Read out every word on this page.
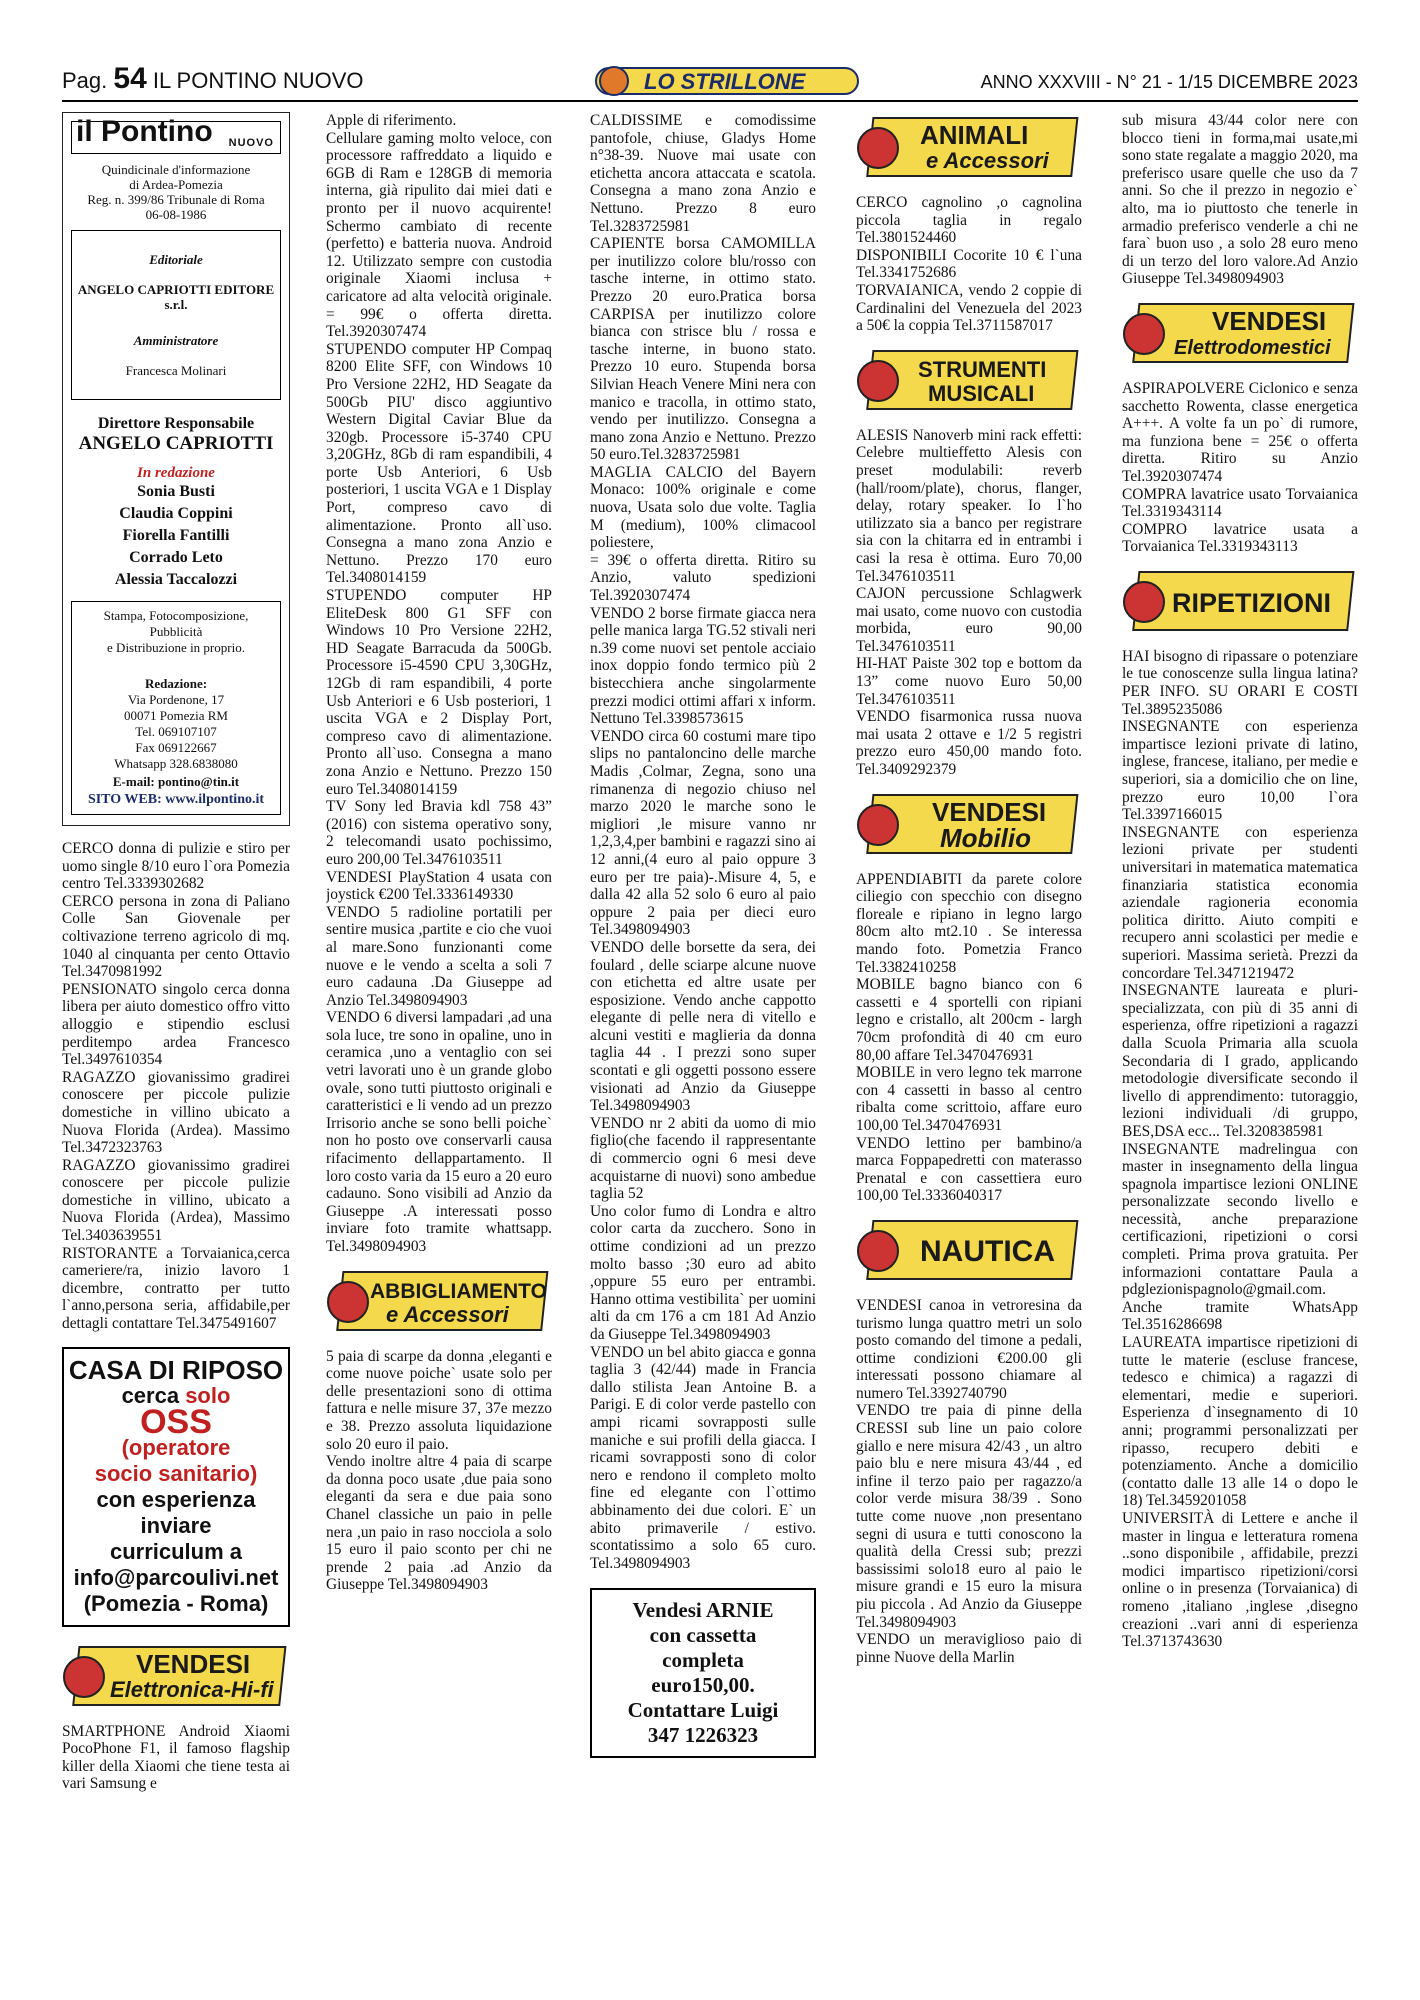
Pag. 54 IL PONTINO NUOVO	LO STRILLONE	ANNO XXXVIII - N° 21 - 1/15 DICEMBRE 2023
il Pontino NUOVO
Quindicinale d'informazione
di Ardea-Pomezia
Reg. n. 399/86 Tribunale di Roma
06-08-1986

Editoriale

ANGELO CAPRIOTTI EDITORE s.r.l.

Amministratore

Francesca Molinari

Direttore Responsabile
ANGELO CAPRIOTTI
In redazione
Sonia Busti
Claudia Coppini
Fiorella Fantilli
Corrado Leto
Alessia Taccalozzi
Stampa, Fotocomposizione, Pubblicità
e Distribuzione in proprio.

Redazione:
Via Pordenone, 17
00071 Pomezia RM
Tel. 069107107
Fax 069122667
Whatsapp 328.6838080

E-mail: pontino@tin.it
SITO WEB: www.ilpontino.it

CERCO donna di pulizie e stiro per uomo single 8/10 euro l`ora Pomezia centro Tel.3339302682
CERCO persona in zona di Paliano Colle San Giovenale per coltivazione terreno agricolo di mq. 1040 al cinquanta per cento Ottavio Tel.3470981992
PENSIONATO singolo cerca donna libera per aiuto domestico offro vitto alloggio e stipendio esclusi perditempo ardea Francesco Tel.3497610354
RAGAZZO giovanissimo gradirei conoscere per piccole pulizie domestiche in villino ubicato a Nuova Florida (Ardea). Massimo Tel.3472323763
RAGAZZO giovanissimo gradirei conoscere per piccole pulizie domestiche in villino, ubicato a Nuova Florida (Ardea), Massimo Tel.3403639551
RISTORANTE a Torvaianica,cerca cameriere/ra, inizio lavoro 1 dicembre, contratto per tutto l`anno,persona seria, affidabile,per dettagli contattare Tel.3475491607

CASA DI RIPOSO
cerca solo
OSS
(operatore
socio sanitario)
con esperienza
inviare
curriculum a
info@parcoulivi.net
(Pomezia - Roma)
VENDESI
Elettronica-Hi-fi

SMARTPHONE Android Xiaomi PocoPhone F1, il famoso flagship killer della Xiaomi che tiene testa ai vari Samsung e

Apple di riferimento.
Cellulare gaming molto veloce, con processore raffreddato a liquido e 6GB di Ram e 128GB di memoria interna, già ripulito dai miei dati e pronto per il nuovo acquirente! Schermo cambiato di recente (perfetto) e batteria nuova. Android 12. Utilizzato sempre con custodia originale Xiaomi inclusa + caricatore ad alta velocità originale. = 99€ o offerta diretta. Tel.3920307474
STUPENDO computer HP Compaq 8200 Elite SFF, con Windows 10 Pro Versione 22H2, HD Seagate da 500Gb PIU' disco aggiuntivo Western Digital Caviar Blue da 320gb. Processore i5-3740 CPU 3,20GHz, 8Gb di ram espandibili, 4 porte Usb Anteriori, 6 Usb posteriori, 1 uscita VGA e 1 Display Port, compreso cavo di alimentazione. Pronto all`uso. Consegna a mano zona Anzio e Nettuno. Prezzo 170 euro Tel.3408014159
STUPENDO computer HP EliteDesk 800 G1 SFF con Windows 10 Pro Versione 22H2, HD Seagate Barracuda da 500Gb. Processore i5-4590 CPU 3,30GHz, 12Gb di ram espandibili, 4 porte Usb Anteriori e 6 Usb posteriori, 1 uscita VGA e 2 Display Port, compreso cavo di alimentazione. Pronto all`uso. Consegna a mano zona Anzio e Nettuno. Prezzo 150 euro Tel.3408014159
TV Sony led Bravia kdl 758 43” (2016) con sistema operativo sony, 2 telecomandi usato pochissimo, euro 200,00 Tel.3476103511
VENDESI PlayStation 4 usata con joystick €200 Tel.3336149330
VENDO 5 radioline portatili per sentire musica ,partite e cio che vuoi al mare.Sono funzionanti come nuove e le vendo a scelta a soli 7 euro cadauna .Da Giuseppe ad Anzio Tel.3498094903
VENDO 6 diversi lampadari ,ad una sola luce, tre sono in opaline, uno in ceramica ,uno a ventaglio con sei vetri lavorati uno è un grande globo ovale, sono tutti piuttosto originali e caratteristici e li vendo ad un prezzo Irrisorio anche se sono belli poiche` non ho posto ove conservarli causa rifacimento dellappartamento. Il loro costo varia da 15 euro a 20 euro cadauno. Sono visibili ad Anzio da Giuseppe .A interessati posso inviare foto tramite whattsapp. Tel.3498094903

ABBIGLIAMENTO
e Accessori

5 paia di scarpe da donna ,eleganti e come nuove poiche` usate solo per delle presentazioni sono di ottima fattura e nelle misure 37, 37e mezzo e 38. Prezzo assoluta liquidazione solo 20 euro il paio.
Vendo inoltre altre 4 paia di scarpe da donna poco usate ,due paia sono eleganti da sera e due paia sono Chanel classiche un paio in pelle nera ,un paio in raso nocciola a solo 15 euro il paio sconto per chi ne prende 2 paia .ad Anzio da Giuseppe Tel.3498094903

CALDISSIME e comodissime pantofole, chiuse, Gladys Home n°38-39. Nuove mai usate con etichetta ancora attaccata e scatola. Consegna a mano zona Anzio e Nettuno. Prezzo 8 euro Tel.3283725981
CAPIENTE borsa CAMOMILLA per inutilizzo colore blu/rosso con tasche interne, in ottimo stato. Prezzo 20 euro.Pratica borsa CARPISA per inutilizzo colore bianca con strisce blu / rossa e tasche interne, in buono stato. Prezzo 10 euro. Stupenda borsa Silvian Heach Venere Mini nera con manico e tracolla, in ottimo stato, vendo per inutilizzo. Consegna a mano zona Anzio e Nettuno. Prezzo 50 euro.Tel.3283725981
MAGLIA CALCIO del Bayern Monaco: 100% originale e come nuova, Usata solo due volte. Taglia M (medium), 100% climacool poliestere,
= 39€ o offerta diretta. Ritiro su Anzio, valuto spedizioni Tel.3920307474
VENDO 2 borse firmate giacca nera pelle manica larga TG.52 stivali neri n.39 come nuovi set pentole acciaio inox doppio fondo termico più 2 bistecchiera anche singolarmente prezzi modici ottimi affari x inform. Nettuno Tel.3398573615
VENDO circa 60 costumi mare tipo slips no pantaloncino delle marche Madis ,Colmar, Zegna, sono una rimanenza di negozio chiuso nel marzo 2020 le marche sono le migliori ,le misure vanno nr 1,2,3,4,per bambini e ragazzi sino ai 12 anni,(4 euro al paio oppure 3 euro per tre paia)-.Misure 4, 5, e dalla 42 alla 52 solo 6 euro al paio oppure 2 paia per dieci euro Tel.3498094903
VENDO delle borsette da sera, dei foulard , delle sciarpe alcune nuove con etichetta ed altre usate per esposizione. Vendo anche cappotto elegante di pelle nera di vitello e alcuni vestiti e maglieria da donna taglia 44 . I prezzi sono super scontati e gli oggetti possono essere visionati ad Anzio da Giuseppe Tel.3498094903
VENDO nr 2 abiti da uomo di mio figlio(che facendo il rappresentante di commercio ogni 6 mesi deve acquistarne di nuovi) sono ambedue taglia 52
Uno color fumo di Londra e altro color carta da zucchero. Sono in ottime condizioni ad un prezzo molto basso ;30 euro ad abito ,oppure 55 euro per entrambi. Hanno ottima vestibilita` per uomini alti da cm 176 a cm 181 Ad Anzio da Giuseppe Tel.3498094903
VENDO un bel abito giacca e gonna taglia 3 (42/44) made in Francia dallo stilista Jean Antoine B. a Parigi. E di color verde pastello con ampi ricami sovrapposti sulle maniche e sui profili della giacca. I ricami sovrapposti sono di color nero e rendono il completo molto fine ed elegante con l`ottimo abbinamento dei due colori. E` un abito primaverile / estivo. scontatissimo a solo 65 curo. Tel.3498094903

Vendesi ARNIE
con cassetta
completa
euro150,00.
Contattare Luigi
347 1226323
ANIMALI
e Accessori

CERCO cagnolino ,o cagnolina piccola taglia in regalo Tel.3801524460
DISPONIBILI Cocorite 10 € l`una Tel.3341752686
TORVAIANICA, vendo 2 coppie di Cardinalini del Venezuela del 2023 a 50€ la coppia Tel.3711587017

STRUMENTI
MUSICALI

ALESIS Nanoverb mini rack effetti: Celebre multieffetto Alesis con preset modulabili: reverb (hall/room/plate), chorus, flanger, delay, rotary speaker. Io l`ho utilizzato sia a banco per registrare sia con la chitarra ed in entrambi i casi la resa è ottima. Euro 70,00 Tel.3476103511
CAJON percussione Schlagwerk mai usato, come nuovo con custodia morbida, euro 90,00 Tel.3476103511
HI-HAT Paiste 302 top e bottom da 13” come nuovo Euro 50,00 Tel.3476103511
VENDO fisarmonica russa nuova mai usata 2 ottave e 1/2 5 registri prezzo euro 450,00 mando foto. Tel.3409292379

VENDESI
Mobilio

APPENDIABITI da parete colore ciliegio con specchio con disegno floreale e ripiano in legno largo 80cm alto mt2.10 . Se interessa mando foto. Pometzia Franco Tel.3382410258
MOBILE bagno bianco con 6 cassetti e 4 sportelli con ripiani legno e cristallo, alt 200cm - largh 70cm profondità di 40 cm euro 80,00 affare Tel.3470476931
MOBILE in vero legno tek marrone con 4 cassetti in basso al centro ribalta come scrittoio, affare euro 100,00 Tel.3470476931
VENDO lettino per bambino/a marca Foppapedretti con materasso Prenatal e con cassettiera euro 100,00 Tel.3336040317

NAUTICA

VENDESI canoa in vetroresina da turismo lunga quattro metri un solo posto comando del timone a pedali, ottime condizioni €200.00 gli interessati possono chiamare al numero Tel.3392740790
VENDO tre paia di pinne della CRESSI sub line un paio colore giallo e nere misura 42/43 , un altro paio blu e nere misura 43/44 , ed infine il terzo paio per ragazzo/a color verde misura 38/39 . Sono tutte come nuove ,non presentano segni di usura e tutti conoscono la qualità della Cressi sub; prezzi bassissimi solo18 euro al paio le misure grandi e 15 euro la misura piu piccola . Ad Anzio da Giuseppe Tel.3498094903
VENDO un meraviglioso paio di pinne Nuove della Marlin

sub misura 43/44 color nere con blocco tieni in forma,mai usate,mi sono state regalate a maggio 2020, ma preferisco usare quelle che uso da 7 anni. So che il prezzo in negozio e` alto, ma io piuttosto che tenerle in armadio preferisco venderle a chi ne fara` buon uso , a solo 28 euro meno di un terzo del loro valore.Ad Anzio Giuseppe Tel.3498094903

VENDESI
Elettrodomestici

ASPIRAPOLVERE Ciclonico e senza sacchetto Rowenta, classe energetica A+++. A volte fa un po` di rumore, ma funziona bene = 25€ o offerta diretta. Ritiro su Anzio Tel.3920307474
COMPRA lavatrice usato Torvaianica Tel.3319343114
COMPRO lavatrice usata a Torvaianica Tel.3319343113

RIPETIZIONI

HAI bisogno di ripassare o potenziare le tue conoscenze sulla lingua latina? PER INFO. SU ORARI E COSTI Tel.3895235086
INSEGNANTE con esperienza impartisce lezioni private di latino, inglese, francese, italiano, per medie e superiori, sia a domicilio che on line, prezzo euro 10,00 l`ora Tel.3397166015
INSEGNANTE con esperienza lezioni private per studenti universitari in matematica matematica finanziaria statistica economia aziendale ragioneria economia politica diritto. Aiuto compiti e recupero anni scolastici per medie e superiori. Massima serietà. Prezzi da concordare Tel.3471219472
INSEGNANTE laureata e pluri-specializzata, con più di 35 anni di esperienza, offre ripetizioni a ragazzi dalla Scuola Primaria alla scuola Secondaria di I grado, applicando metodologie diversificate secondo il livello di apprendimento: tutoraggio, lezioni individuali /di gruppo, BES,DSA ecc... Tel.3208385981
INSEGNANTE madrelingua con master in insegnamento della lingua spagnola impartisce lezioni ONLINE personalizzate secondo livello e necessità, anche preparazione certificazioni, ripetizioni o corsi completi. Prima prova gratuita. Per informazioni contattare Paula a pdglezionispagnolo@gmail.com. Anche tramite WhatsApp Tel.3516286698
LAUREATA impartisce ripetizioni di tutte le materie (escluse francese, tedesco e chimica) a ragazzi di elementari, medie e superiori. Esperienza d`insegnamento di 10 anni; programmi personalizzati per ripasso, recupero debiti e potenziamento. Anche a domicilio (contatto dalle 13 alle 14 o dopo le 18) Tel.3459201058
UNIVERSITÀ di Lettere e anche il master in lingua e letteratura romena ..sono disponibile , affidabile, prezzi modici impartisco ripetizioni/corsi online o in presenza (Torvaianica) di romeno ,italiano ,inglese ,disegno creazioni ..vari anni di esperienza Tel.3713743630
